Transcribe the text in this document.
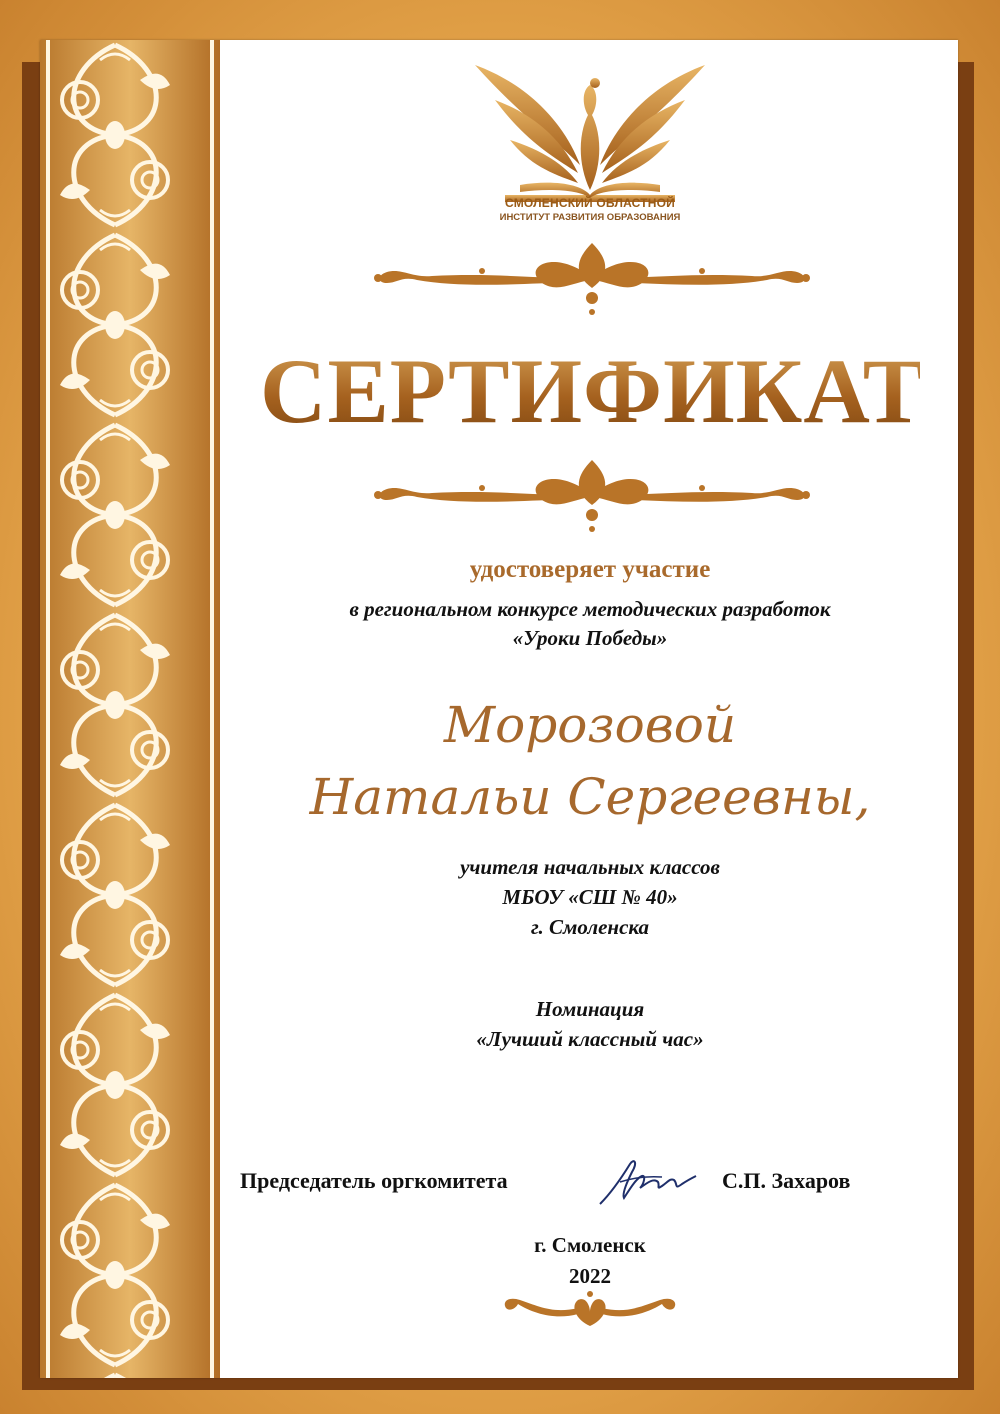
СМОЛЕНСКИЙ ОБЛАСТНОЙ
ИНСТИТУТ РАЗВИТИЯ ОБРАЗОВАНИЯ
СЕРТИФИКАТ
удостоверяет участие
в региональном конкурсе методических разработок
«Уроки Победы»
Морозовой
Натальи Сергеевны,
учителя начальных классов
МБОУ «СШ № 40»
г. Смоленска
Номинация
«Лучший классный час»
Председатель оргкомитета	С.П. Захаров
г. Смоленск
2022
